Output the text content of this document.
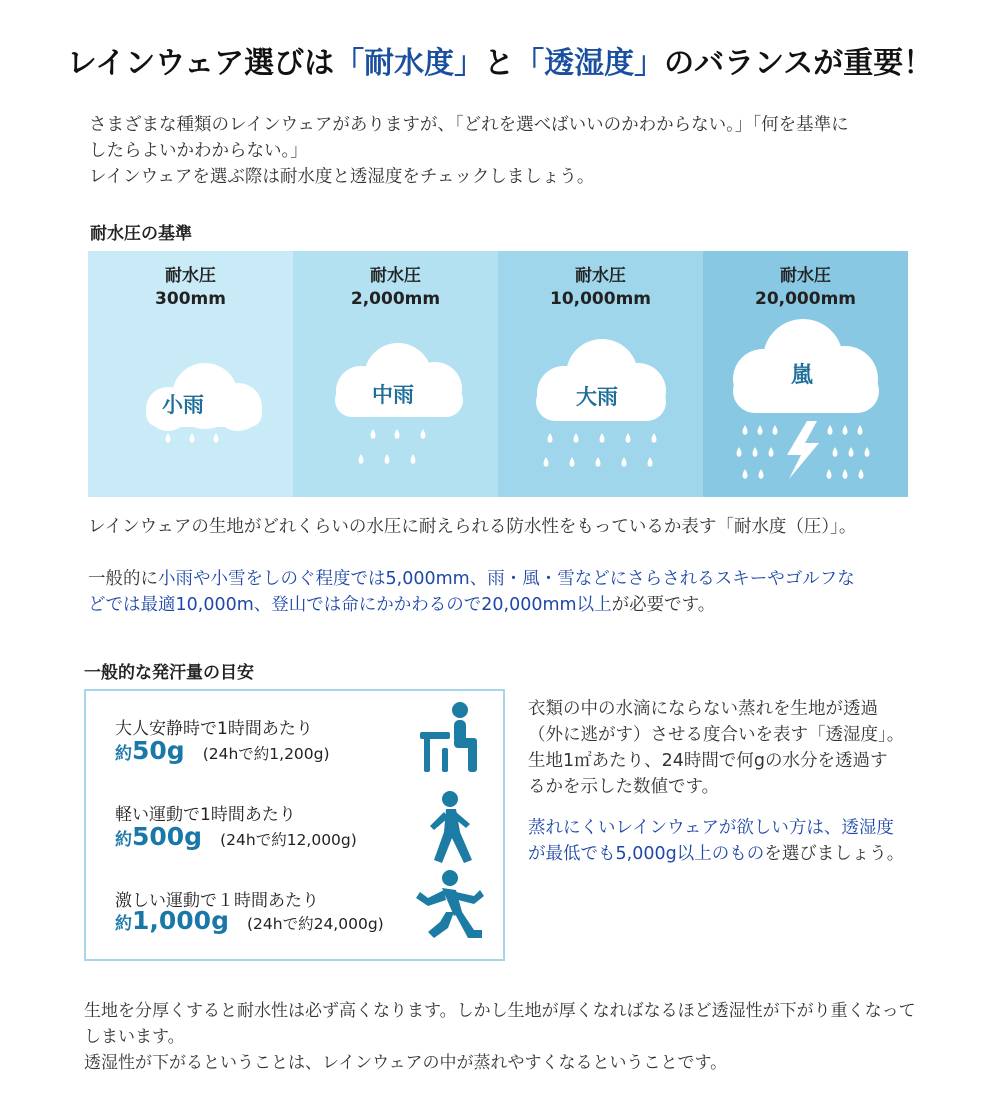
レインウェア選びは「耐水度」と「透湿度」のバランスが重要！
さまざまな種類のレインウェアがありますが、「どれを選べばいいのかわからない。」「何を基準に
したらよいかわからない。」
レインウェアを選ぶ際は耐水度と透湿度をチェックしましょう。
耐水圧の基準
耐水圧
300mm
小雨
耐水圧
2,000mm
中雨
耐水圧
10,000mm
大雨
耐水圧
20,000mm
嵐
レインウェアの生地がどれくらいの水圧に耐えられる防水性をもっているか表す「耐水度（圧）」。
一般的に小雨や小雪をしのぐ程度では5,000mm、雨・風・雪などにさらされるスキーやゴルフな
どでは最適10,000m、登山では命にかかわるので20,000mm以上が必要です。
一般的な発汗量の目安
大人安静時で1時間あたり
約50g (24hで約1,200g)
軽い運動で1時間あたり
約500g (24hで約12,000g)
激しい運動で１時間あたり
約1,000g (24hで約24,000g)
衣類の中の水滴にならない蒸れを生地が透過
（外に逃がす）させる度合いを表す「透湿度」。
生地1㎡あたり、24時間で何gの水分を透過す
るかを示した数値です。
蒸れにくいレインウェアが欲しい方は、透湿度
が最低でも5,000g以上のものを選びましょう。
生地を分厚くすると耐水性は必ず高くなります。しかし生地が厚くなればなるほど透湿性が下がり重くなって
しまいます。
透湿性が下がるということは、レインウェアの中が蒸れやすくなるということです。
